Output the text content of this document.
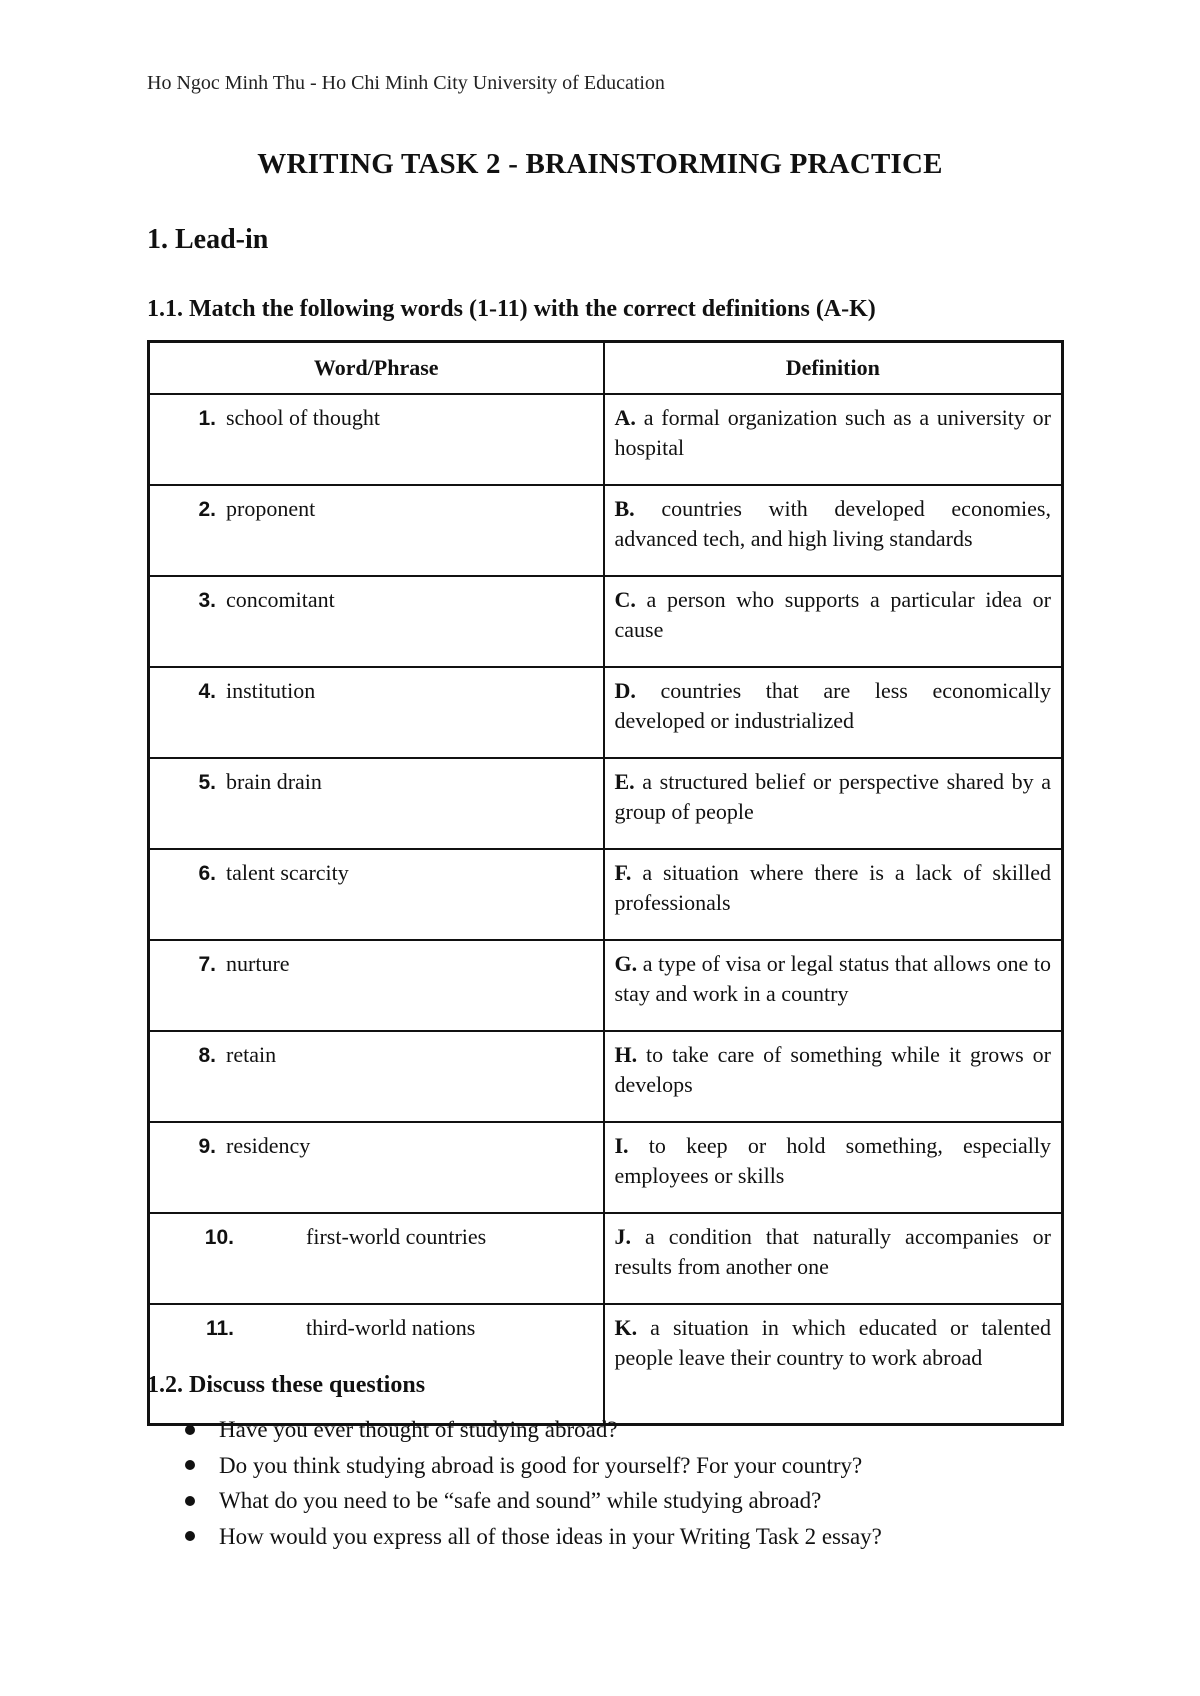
Ho Ngoc Minh Thu - Ho Chi Minh City University of Education
WRITING TASK 2 - BRAINSTORMING PRACTICE
1. Lead-in
1.1. Match the following words (1-11) with the correct definitions (A-K)
Word/Phrase	Definition

1. school of thought	A. a formal organization such as a university or hospital

2. proponent	B. countries with developed economies, advanced tech, and high living standards

3. concomitant	C. a person who supports a particular idea or cause

4. institution	D. countries that are less economically developed or industrialized

5. brain drain	E. a structured belief or perspective shared by a group of people

6. talent scarcity	F. a situation where there is a lack of skilled professionals

7. nurture	G. a type of visa or legal status that allows one to stay and work in a country

8. retain	H. to take care of something while it grows or develops

9. residency	I. to keep or hold something, especially employees or skills

10. first-world countries	J. a condition that naturally accompanies or results from another one

11. third-world nations	K. a situation in which educated or talented people leave their country to work abroad
1.2. Discuss these questions
Have you ever thought of studying abroad?
Do you think studying abroad is good for yourself? For your country?
What do you need to be “safe and sound” while studying abroad?
How would you express all of those ideas in your Writing Task 2 essay?
